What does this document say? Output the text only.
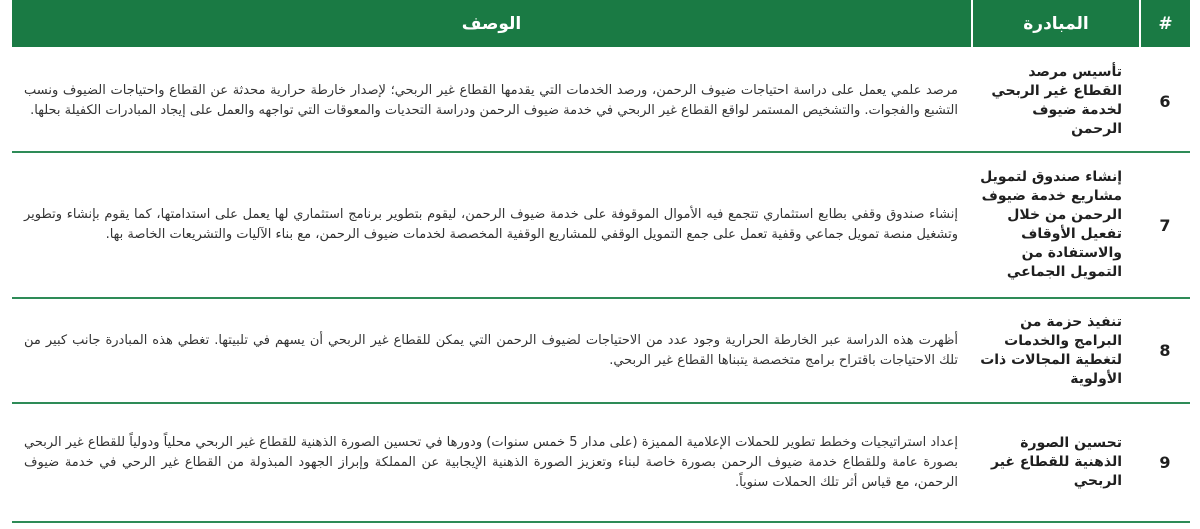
#	المبادرة	الوصف

6	تأسيس مرصد القطاع غير الربحي لخدمة ضيوف الرحمن	مرصد علمي يعمل على دراسة احتياجات ضيوف الرحمن، ورصد الخدمات التي يقدمها القطاع غير الربحي؛ لإصدار خارطة حرارية محدثة عن القطاع واحتياجات الضيوف ونسب التشبع والفجوات. والتشخيص المستمر لواقع القطاع غير الربحي في خدمة ضيوف الرحمن ودراسة التحديات والمعوقات التي تواجهه والعمل على إيجاد المبادرات الكفيلة بحلها.
7	إنشاء صندوق لتمويل مشاريع خدمة ضيوف الرحمن من خلال تفعيل الأوقاف والاستفادة من التمويل الجماعي	إنشاء صندوق وقفي بطابع استثماري تتجمع فيه الأموال الموقوفة على خدمة ضيوف الرحمن، ليقوم بتطوير برنامج استثماري لها يعمل على استدامتها، كما يقوم بإنشاء وتطوير وتشغيل منصة تمويل جماعي وقفية تعمل على جمع التمويل الوقفي للمشاريع الوقفية المخصصة لخدمات ضيوف الرحمن، مع بناء الآليات والتشريعات الخاصة بها.
8	تنفيذ حزمة من البرامج والخدمات لتغطية المجالات ذات الأولوية	أظهرت هذه الدراسة عبر الخارطة الحرارية وجود عدد من الاحتياجات لضيوف الرحمن التي يمكن للقطاع غير الربحي أن يسهم في تلبيتها. تغطي هذه المبادرة جانب كبير من تلك الاحتياجات باقتراح برامج متخصصة يتبناها القطاع غير الربحي.
9	تحسين الصورة الذهنية للقطاع غير الربحي	إعداد استراتيجيات وخطط تطوير للحملات الإعلامية المميزة (على مدار 5 خمس سنوات) ودورها في تحسين الصورة الذهنية للقطاع غير الربحي محلياً ودولياً للقطاع غير الربحي بصورة عامة وللقطاع خدمة ضيوف الرحمن بصورة خاصة لبناء وتعزيز الصورة الذهنية الإيجابية عن المملكة وإبراز الجهود المبذولة من القطاع غير الرحي في خدمة ضيوف الرحمن، مع قياس أثر تلك الحملات سنوياً.
